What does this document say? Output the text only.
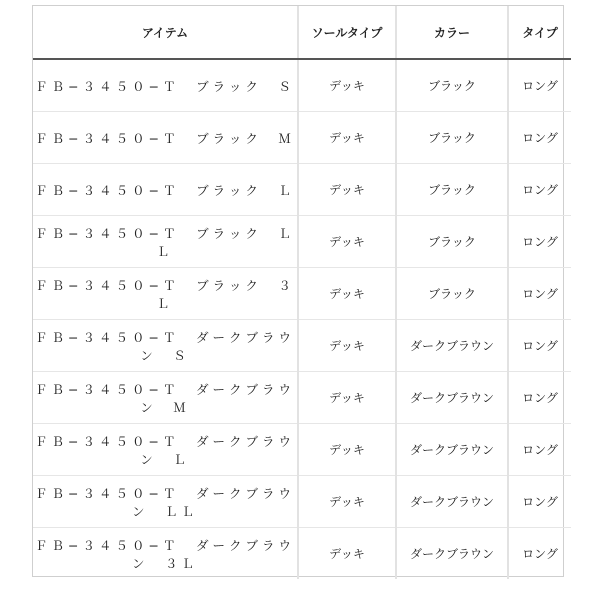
アイテム	ソールタイプ	カラー	タイプ
ＦＢ−３４５０−Ｔ　ブラック　Ｓ	デッキ	ブラック	ロング
ＦＢ−３４５０−Ｔ　ブラック　Ｍ	デッキ	ブラック	ロング
ＦＢ−３４５０−Ｔ　ブラック　Ｌ	デッキ	ブラック	ロング
ＦＢ−３４５０−Ｔ　ブラック　ＬＬ	デッキ	ブラック	ロング
ＦＢ−３４５０−Ｔ　ブラック　３Ｌ	デッキ	ブラック	ロング
ＦＢ−３４５０−Ｔ　ダークブラウン　Ｓ	デッキ	ダークブラウン	ロング
ＦＢ−３４５０−Ｔ　ダークブラウン　Ｍ	デッキ	ダークブラウン	ロング
ＦＢ−３４５０−Ｔ　ダークブラウン　Ｌ	デッキ	ダークブラウン	ロング
ＦＢ−３４５０−Ｔ　ダークブラウン　ＬＬ	デッキ	ダークブラウン	ロング
ＦＢ−３４５０−Ｔ　ダークブラウン　３Ｌ	デッキ	ダークブラウン	ロング
